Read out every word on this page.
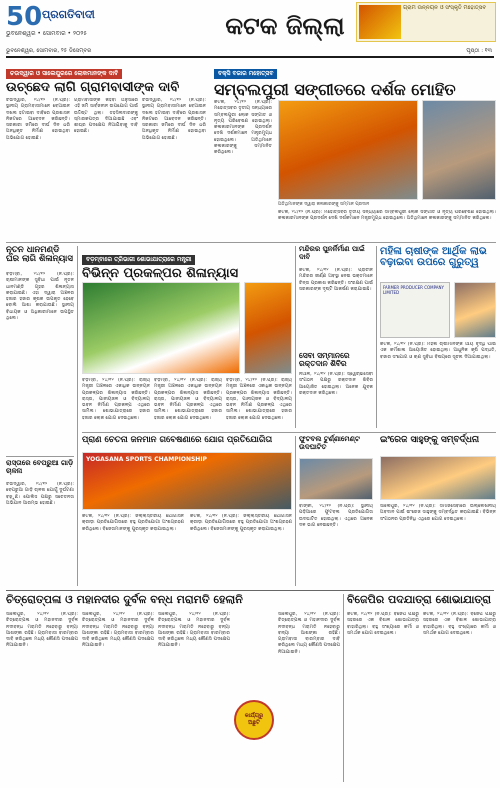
50 ପ୍ରଗତିବାଦୀ
ଭୁବନେଶ୍ୱର • ସୋମବାର • ୨୦୨୫	କଟକ ଜିଲ୍ଲା
ଗ୍ରାମ ଉନ୍ନୟନ ଓ ସଂସ୍କୃତି ମହୋତ୍ସବ
ଭୁବନେଶ୍ୱର, ସୋମବାର, ୨୫ ଡିସେମ୍ବର	ପୃଷ୍ଠା : ୧୩
ଚଉଦ୍ୱାର ଓ ସାଲେପୁରରେ ଲୋକମାନଙ୍କ ଦାବି
ଉଚ୍ଛେଦ ଲାଗି ଗ୍ରାମବାସୀଙ୍କ ଦାବି

ଚଉଦ୍ୱାର, ୨୪/୧୨ (ନି.ପ୍ର): ସ୍ଥାନୀୟ ଗ୍ରାମବାସୀମାନେ ବେଆଇନ ଦଖଲ ହଟାଇବା ଦାବିରେ ପ୍ରଶାସନ ନିକଟରେ ଆବେଦନ କରିଛନ୍ତି। ସରକାରୀ ଜମିରେ ଦୀର୍ଘ ଦିନ ଧରି ଅନଧିକୃତ ନିର୍ମାଣ ହୋଇଥିବା ଅଭିଯୋଗ ହୋଇଛି।

ଗ୍ରାମବାସୀଙ୍କ କହିବା ଅନୁସାରେ ଏହି ଜମି ସାର୍ବଜନୀନ ଉପଯୋଗ ପାଇଁ ଉଦ୍ଦିଷ୍ଟ ଥିଲା। ତହସିଲଦାରଙ୍କୁ ସ୍ମାରକପତ୍ର ଦିଆଯାଇଛି ଏବଂ ଶୀଘ୍ର ପଦକ୍ଷେପ ନିଆଯିବାକୁ ଦାବି ହୋଇଛି।

ଚଉଦ୍ୱାର, ୨୪/୧୨ (ନି.ପ୍ର): ସ୍ଥାନୀୟ ଗ୍ରାମବାସୀମାନେ ବେଆଇନ ଦଖଲ ହଟାଇବା ଦାବିରେ ପ୍ରଶାସନ ନିକଟରେ ଆବେଦନ କରିଛନ୍ତି। ସରକାରୀ ଜମିରେ ଦୀର୍ଘ ଦିନ ଧରି ଅନଧିକୃତ ନିର୍ମାଣ ହୋଇଥିବା ଅଭିଯୋଗ ହୋଇଛି।

ବକ୍ସି ବଜାର ମହୋତ୍ସବ
ସମ୍ବଲପୁରୀ ସଙ୍ଗୀତରେ ଦର୍ଶକ ମୋହିତ
କଟକ, ୨୪/୧୨ (ନି.ପ୍ର): ମହୋତ୍ସବର ତୃତୀୟ ସନ୍ଧ୍ୟାରେ ସମ୍ବଲପୁରୀ ଲୋକ ସଙ୍ଗୀତ ଓ ନୃତ୍ୟ ପରିବେଷଣ ହୋଇଥିଲା। କଳାକାରମାନଙ୍କ ପ୍ରଦର୍ଶନ ଦେଖି ଦର୍ଶକମାନେ ମନ୍ତ୍ରମୁଗ୍ଧ ହୋଇଥିଲେ। ଅତିଥିମାନେ କଳାକାରଙ୍କୁ ସମ୍ମାନିତ କରିଥିଲେ।
ଅତିଥିମାନଙ୍କ ଦ୍ୱାରା କଳାକାରଙ୍କୁ ସମ୍ମାନ ପ୍ରଦାନ
କଟକ, ୨୪/୧୨ (ନି.ପ୍ର): ମହୋତ୍ସବର ତୃତୀୟ ସନ୍ଧ୍ୟାରେ ସମ୍ବଲପୁରୀ ଲୋକ ସଙ୍ଗୀତ ଓ ନୃତ୍ୟ ପରିବେଷଣ ହୋଇଥିଲା। କଳାକାରମାନଙ୍କ ପ୍ରଦର୍ଶନ ଦେଖି ଦର୍ଶକମାନେ ମନ୍ତ୍ରମୁଗ୍ଧ ହୋଇଥିଲେ। ଅତିଥିମାନେ କଳାକାରଙ୍କୁ ସମ୍ମାନିତ କରିଥିଲେ।
ନୂତନ ଧାନମଣ୍ଡି ଘର ଲାଗି ଶିଳାନ୍ୟାସ
ବଡ଼ମ୍ବା, ୨୪/୧୨ (ନି.ପ୍ର): ଚାଷୀମାନଙ୍କ ସୁବିଧା ପାଇଁ ନୂତନ ଧାନମଣ୍ଡି ଗୃହର ଶିଳାନ୍ୟାସ କରାଯାଇଛି। ଏହା ଦ୍ୱାରା ଅଞ୍ଚଳର ହଜାର ହଜାର କୃଷକ ଉପକୃତ ହେବେ ବୋଲି ଆଶା କରାଯାଉଛି। ସ୍ଥାନୀୟ ବିଧାୟକ ଓ ଅଧିକାରୀମାନେ ଉପସ୍ଥିତ ଥିଲେ।
ବଡ଼ମ୍ବାରେ ତ୍ରିଭାଗୀ ଶୋଭାଯାତ୍ରାରେ ମନ୍ତ୍ରୀ
ବିଭିନ୍ନ ପ୍ରକଳ୍ପର ଶିଳାନ୍ୟାସ
ବଡ଼ମ୍ବା, ୨୪/୧୨ (ନି.ପ୍ର): ରାଜ୍ୟ ମନ୍ତ୍ରୀ ଅଞ୍ଚଳରେ ଏକାଧିକ ଉନ୍ନୟନ ପ୍ରକଳ୍ପର ଶିଳାନ୍ୟାସ କରିଛନ୍ତି। ରାସ୍ତା, ପାନୀୟଜଳ ଓ ବିଦ୍ୟାଳୟ ଭବନ ନିର୍ମାଣ ପ୍ରକଳ୍ପ ଏଥିରେ ସାମିଲ। ଶୋଭାଯାତ୍ରାରେ ହଜାର ହଜାର ଲୋକ ଯୋଗ ଦେଇଥିଲେ।
ବଡ଼ମ୍ବା, ୨୪/୧୨ (ନି.ପ୍ର): ରାଜ୍ୟ ମନ୍ତ୍ରୀ ଅଞ୍ଚଳରେ ଏକାଧିକ ଉନ୍ନୟନ ପ୍ରକଳ୍ପର ଶିଳାନ୍ୟାସ କରିଛନ୍ତି। ରାସ୍ତା, ପାନୀୟଜଳ ଓ ବିଦ୍ୟାଳୟ ଭବନ ନିର୍ମାଣ ପ୍ରକଳ୍ପ ଏଥିରେ ସାମିଲ। ଶୋଭାଯାତ୍ରାରେ ହଜାର ହଜାର ଲୋକ ଯୋଗ ଦେଇଥିଲେ।
ବଡ଼ମ୍ବା, ୨୪/୧୨ (ନି.ପ୍ର): ରାଜ୍ୟ ମନ୍ତ୍ରୀ ଅଞ୍ଚଳରେ ଏକାଧିକ ଉନ୍ନୟନ ପ୍ରକଳ୍ପର ଶିଳାନ୍ୟାସ କରିଛନ୍ତି। ରାସ୍ତା, ପାନୀୟଜଳ ଓ ବିଦ୍ୟାଳୟ ଭବନ ନିର୍ମାଣ ପ୍ରକଳ୍ପ ଏଥିରେ ସାମିଲ। ଶୋଭାଯାତ୍ରାରେ ହଜାର ହଜାର ଲୋକ ଯୋଗ ଦେଇଥିଲେ।
ମନ୍ଦିରର ପୁନର୍ନିର୍ମାଣ ପାଇଁ ଦାବି
କଟକ, ୨୪/୧୨ (ନି.ପ୍ର): ପ୍ରାଚୀନ ମନ୍ଦିରର ଜୀର୍ଣ୍ଣ ଅବସ୍ଥା ନେଇ ଭକ୍ତମାନେ ଚିନ୍ତା ପ୍ରକାଶ କରିଛନ୍ତି। ସଂରକ୍ଷଣ ପାଇଁ ସରକାରଙ୍କ ଦୃଷ୍ଟି ଆକର୍ଷଣ କରାଯାଇଛି।
ସେବା ସମ୍ମାନରେ ରକ୍ତଦାନ ଶିବିର
ନିଆଳି, ୨୪/୧୨ (ନି.ପ୍ର): ସ୍ୱେଚ୍ଛାସେବୀ ସଂଗଠନ ପକ୍ଷରୁ ରକ୍ତଦାନ ଶିବିର ଆୟୋଜିତ ହୋଇଥିଲା। ଅନେକ ଯୁବକ ରକ୍ତଦାନ କରିଥିଲେ।
ମହିଳା ଚାଷୀଙ୍କ ଆର୍ଥିକ ଲାଭ ବଢ଼ାଇବା ଉପରେ ଗୁରୁତ୍ୱ
FARMER PRODUCER COMPANY LIMITED
କଟକ, ୨୪/୧୨ (ନି.ପ୍ର): ମହିଳା ଚାଷୀମାନଙ୍କ ଆୟ ବୃଦ୍ଧି ପାଇଁ ଏକ କର୍ମଶାଳା ଆୟୋଜିତ ହୋଇଥିଲା। ଆଧୁନିକ କୃଷି ପଦ୍ଧତି, ବଜାର ସଂଯୋଗ ଓ ଋଣ ସୁବିଧା ବିଷୟରେ ସୂଚନା ଦିଆଯାଇଥିଲା।
ଇଂରେଜ ସାହୁଙ୍କୁ ସମ୍ବର୍ଦ୍ଧନା
ସାଲେପୁର, ୨୪/୧୨ (ନି.ପ୍ର): ସମାଜସେବାରେ ଉଲ୍ଲେଖନୀୟ ଅବଦାନ ପାଇଁ ଇଂରେଜ ସାହୁଙ୍କୁ ସମ୍ବର୍ଦ୍ଧିତ କରାଯାଇଛି। ବିଭିନ୍ନ ସଂଗଠନର ପ୍ରତିନିଧି ଏଥିରେ ଯୋଗ ଦେଇଥିଲେ।
ପ୍ରାଣ ଚେତନା ଜନମାନ ଗବେଷଣାରେ ଯୋଗ ପ୍ରତିଯୋଗିତା
YOGASANA SPORTS CHAMPIONSHIP
କଟକ, ୨୪/୧୨ (ନି.ପ୍ର): ଜିଲ୍ଲାସ୍ତରୀୟ ଯୋଗାସନ କ୍ରୀଡ଼ା ପ୍ରତିଯୋଗିତାରେ ବହୁ ପ୍ରତିଯୋଗୀ ଅଂଶଗ୍ରହଣ କରିଥିଲେ। ବିଜେତାମାନଙ୍କୁ ପୁରସ୍କୃତ କରାଯାଇଥିଲା।
କଟକ, ୨୪/୧୨ (ନି.ପ୍ର): ଜିଲ୍ଲାସ୍ତରୀୟ ଯୋଗାସନ କ୍ରୀଡ଼ା ପ୍ରତିଯୋଗିତାରେ ବହୁ ପ୍ରତିଯୋଗୀ ଅଂଶଗ୍ରହଣ କରିଥିଲେ। ବିଜେତାମାନଙ୍କୁ ପୁରସ୍କୃତ କରାଯାଇଥିଲା।
ଫୁଟବଲ ଟୁର୍ଣ୍ଣାମେଣ୍ଟ ଉଦଘାଟିତ
ବାଙ୍କୀ, ୨୪/୧୨ (ନି.ପ୍ର): ସ୍ଥାନୀୟ ପଡ଼ିଆରେ ଫୁଟବଲ ପ୍ରତିଯୋଗିତା ଉଦଘାଟିତ ହୋଇଥିଲା। ଏଥିରେ ଅନେକ ଦଳ ଭାଗ ନେଇଛନ୍ତି।
ରାସ୍ତାରେ ବେପରୁଆ ଗାଡ଼ି ଚାଳନା
ଚଉଦ୍ୱାର, ୨୪/୧୨ (ନି.ପ୍ର): ବେପରୁଆ ଗାଡ଼ି ଚାଳନା ଯୋଗୁଁ ଦୁର୍ଘଟଣା ବଢ଼ୁଛି। ପୋଲିସ ପକ୍ଷରୁ ସଚେତନତା ଅଭିଯାନ ଆରମ୍ଭ ହୋଇଛି।
ଚିତ୍ରୋତ୍ପଳା ଓ ମହାନଦୀର ଦୁର୍ବଳ ବନ୍ଧ ମରାମତି ହେଲାନି
ସାଲେପୁର, ୨୪/୧୨ (ନି.ପ୍ର): ଚିତ୍ରୋତ୍ପଳା ଓ ମହାନଦୀର ଦୁର୍ବଳ ନଦୀବନ୍ଧ ମରାମତି ନହେବାରୁ ବନ୍ୟା ଆଶଙ୍କା ରହିଛି। ଗ୍ରାମବାସୀ ବାରମ୍ବାର ଦାବି କରିଥିଲେ ମଧ୍ୟ କୌଣସି ପଦକ୍ଷେପ ନିଆଯାଇନି।
ସାଲେପୁର, ୨୪/୧୨ (ନି.ପ୍ର): ଚିତ୍ରୋତ୍ପଳା ଓ ମହାନଦୀର ଦୁର୍ବଳ ନଦୀବନ୍ଧ ମରାମତି ନହେବାରୁ ବନ୍ୟା ଆଶଙ୍କା ରହିଛି। ଗ୍ରାମବାସୀ ବାରମ୍ବାର ଦାବି କରିଥିଲେ ମଧ୍ୟ କୌଣସି ପଦକ୍ଷେପ ନିଆଯାଇନି।
ସାଲେପୁର, ୨୪/୧୨ (ନି.ପ୍ର): ଚିତ୍ରୋତ୍ପଳା ଓ ମହାନଦୀର ଦୁର୍ବଳ ନଦୀବନ୍ଧ ମରାମତି ନହେବାରୁ ବନ୍ୟା ଆଶଙ୍କା ରହିଛି। ଗ୍ରାମବାସୀ ବାରମ୍ବାର ଦାବି କରିଥିଲେ ମଧ୍ୟ କୌଣସି ପଦକ୍ଷେପ ନିଆଯାଇନି।
କାର୍ଯ୍ୟରୁ ଅଛୁଟି
ସାଲେପୁର, ୨୪/୧୨ (ନି.ପ୍ର): ଚିତ୍ରୋତ୍ପଳା ଓ ମହାନଦୀର ଦୁର୍ବଳ ନଦୀବନ୍ଧ ମରାମତି ନହେବାରୁ ବନ୍ୟା ଆଶଙ୍କା ରହିଛି। ଗ୍ରାମବାସୀ ବାରମ୍ବାର ଦାବି କରିଥିଲେ ମଧ୍ୟ କୌଣସି ପଦକ୍ଷେପ ନିଆଯାଇନି।
ବିଜେପିର ପଦଯାତ୍ରା ଶୋଭାଯାତ୍ରା
କଟକ, ୨୪/୧୨ (ନି.ପ୍ର): ବିଜେପି ପକ୍ଷରୁ ସହରରେ ଏକ ବିଶାଳ ଶୋଭାଯାତ୍ରା ବାହାରିଥିଲା। ବହୁ ସଂଖ୍ୟାରେ କର୍ମୀ ଓ ସମର୍ଥକ ଯୋଗ ଦେଇଥିଲେ।
କଟକ, ୨୪/୧୨ (ନି.ପ୍ର): ବିଜେପି ପକ୍ଷରୁ ସହରରେ ଏକ ବିଶାଳ ଶୋଭାଯାତ୍ରା ବାହାରିଥିଲା। ବହୁ ସଂଖ୍ୟାରେ କର୍ମୀ ଓ ସମର୍ଥକ ଯୋଗ ଦେଇଥିଲେ।
